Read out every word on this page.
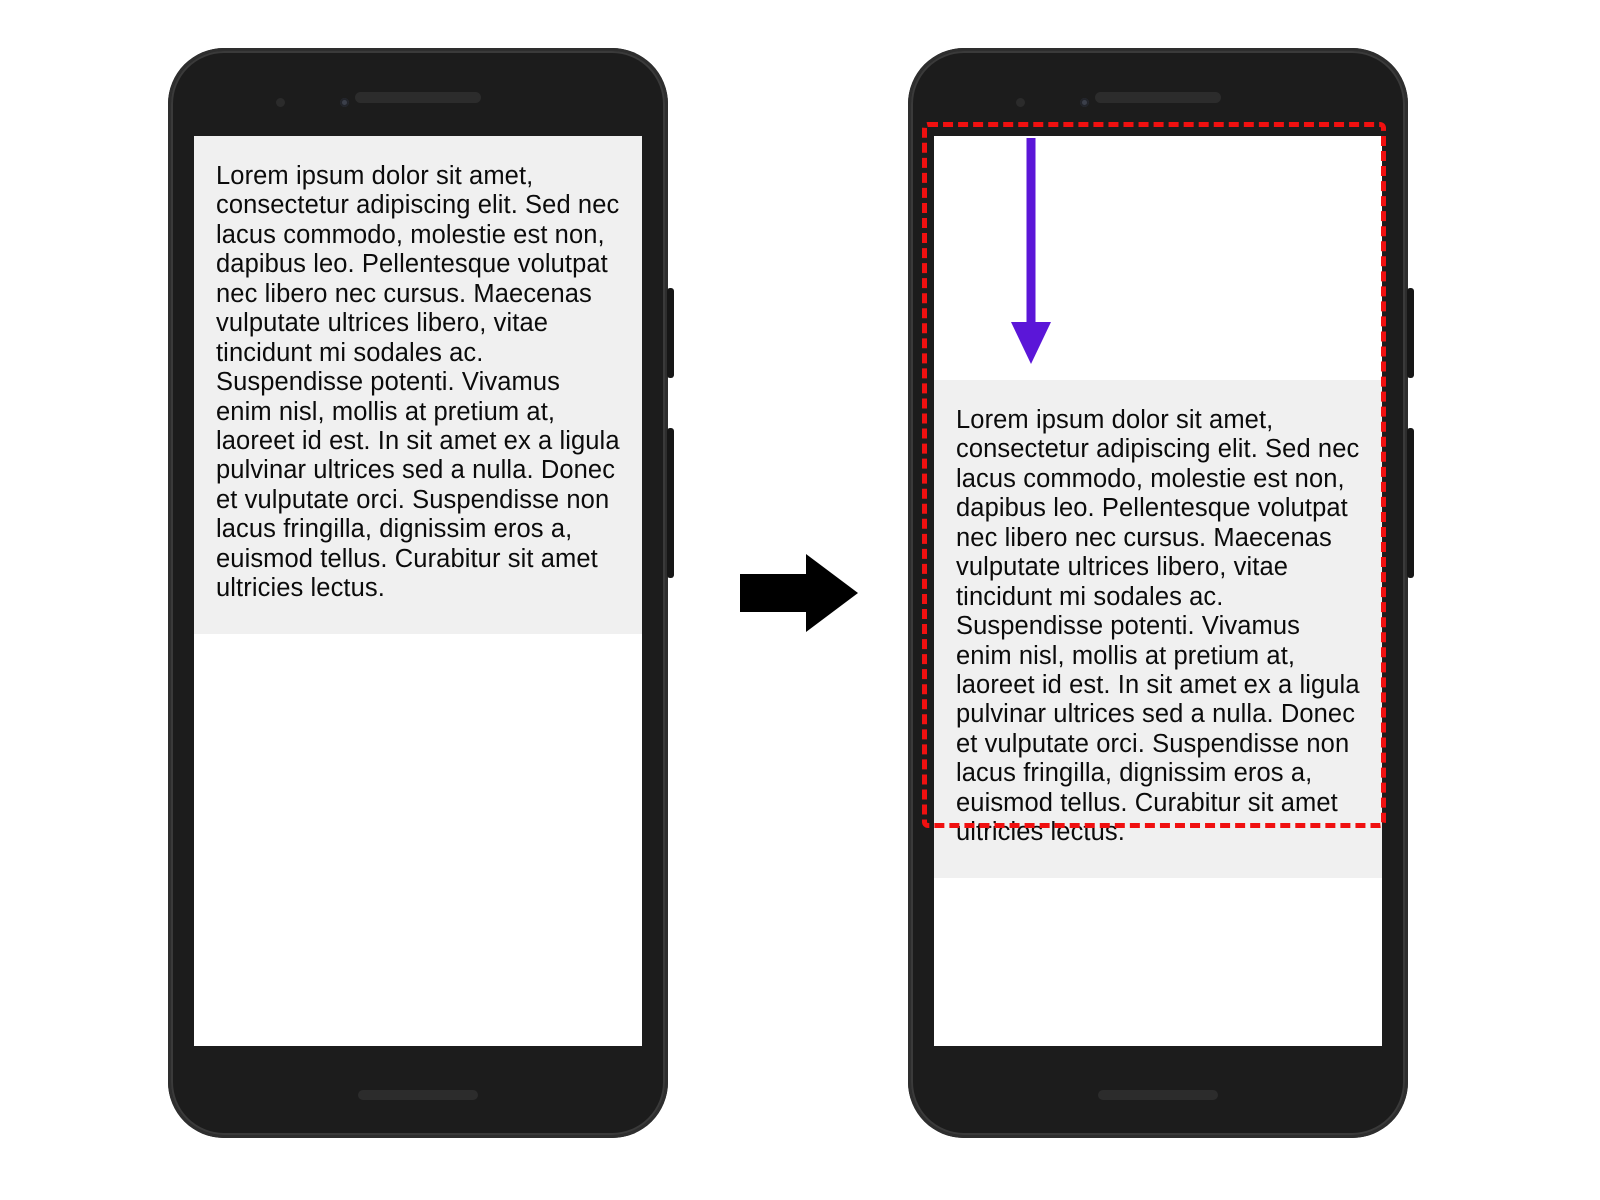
Lorem ipsum dolor sit amet, consectetur adipiscing elit. Sed nec lacus commodo, molestie est non, dapibus leo. Pellentesque volutpat nec libero nec cursus. Maecenas vulputate ultrices libero, vitae tincidunt mi sodales ac. Suspendisse potenti. Vivamus enim nisl, mollis at pretium at, laoreet id est. In sit amet ex a ligula pulvinar ultrices sed a nulla. Donec et vulputate orci. Suspendisse non lacus fringilla, dignissim eros a, euismod tellus. Curabitur sit amet ultricies lectus.
Lorem ipsum dolor sit amet, consectetur adipiscing elit. Sed nec lacus commodo, molestie est non, dapibus leo. Pellentesque volutpat nec libero nec cursus. Maecenas vulputate ultrices libero, vitae tincidunt mi sodales ac. Suspendisse potenti. Vivamus enim nisl, mollis at pretium at, laoreet id est. In sit amet ex a ligula pulvinar ultrices sed a nulla. Donec et vulputate orci. Suspendisse non lacus fringilla, dignissim eros a, euismod tellus. Curabitur sit amet ultricies lectus.
